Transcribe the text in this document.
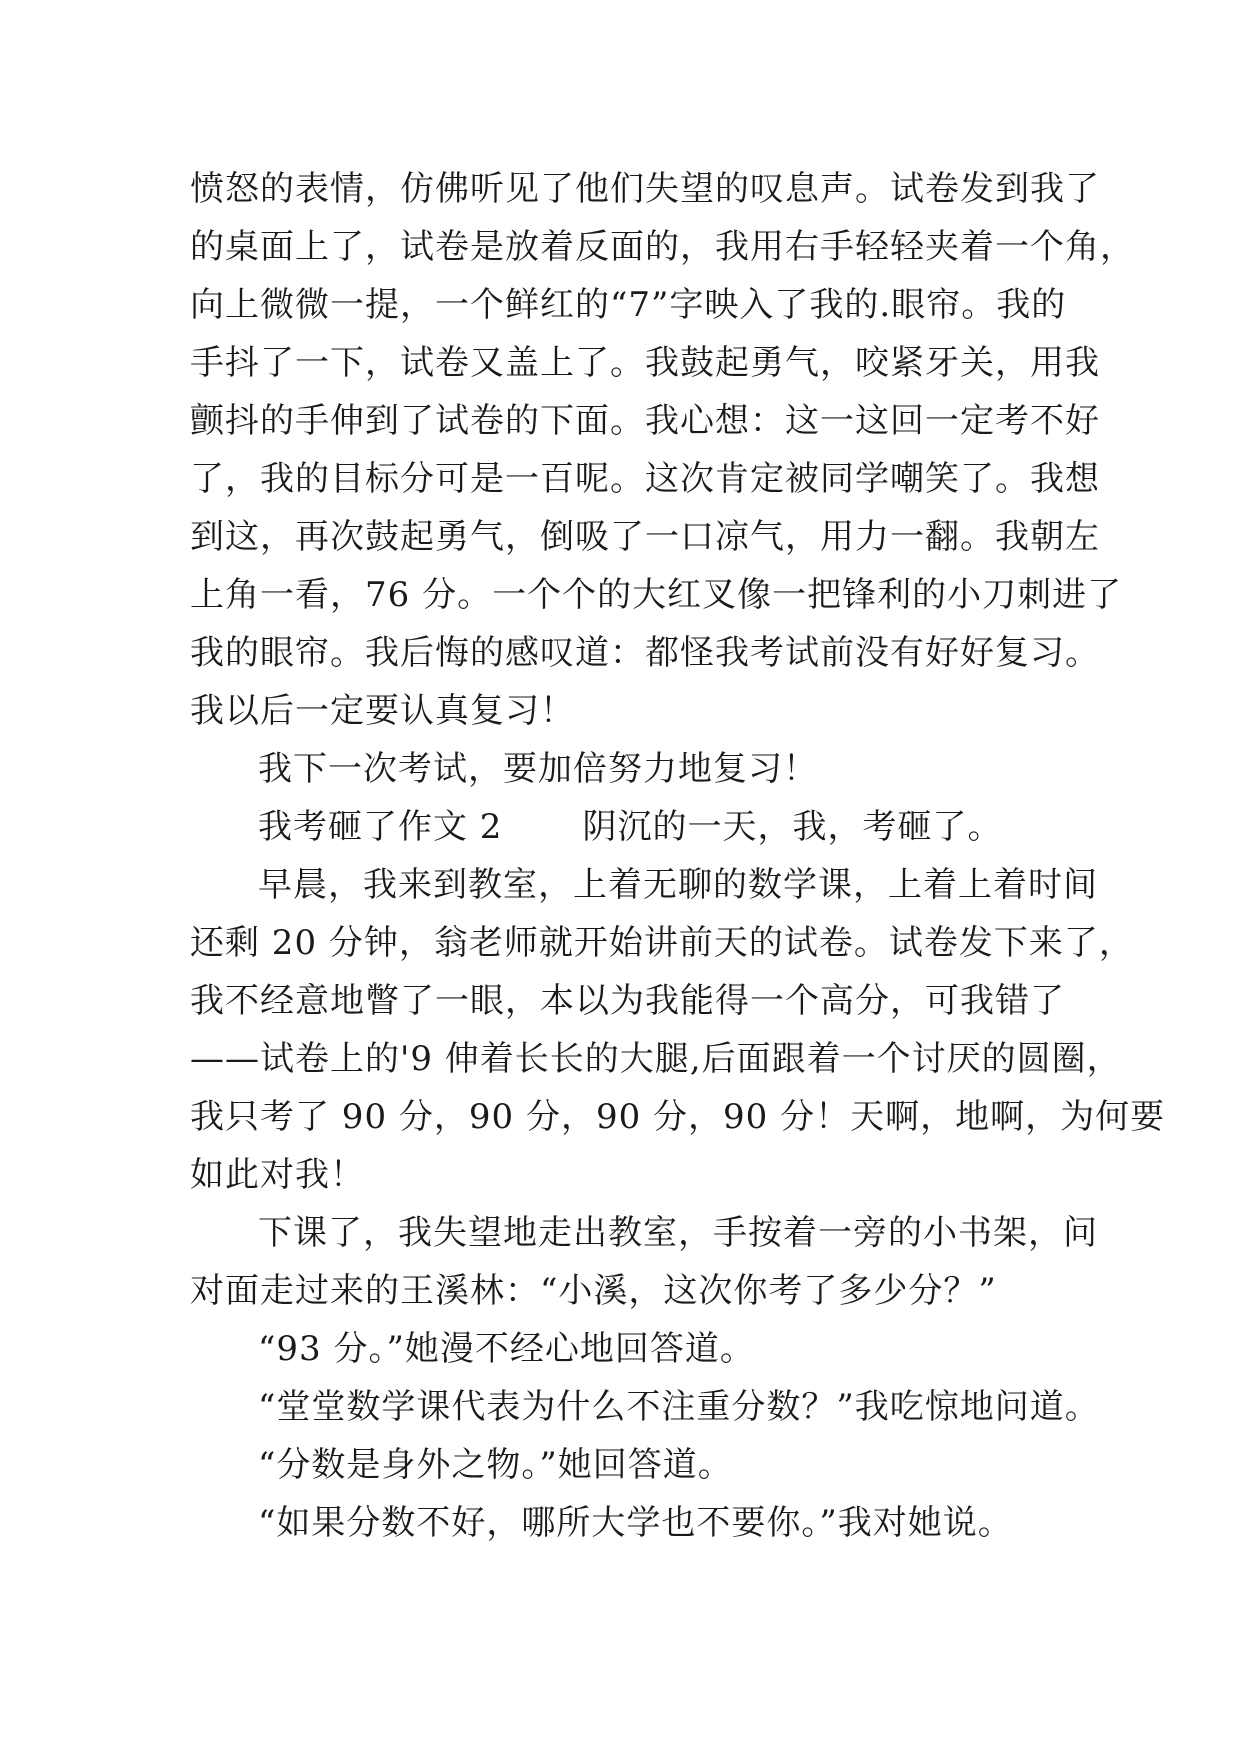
愤怒的表情，仿佛听见了他们失望的叹息声。试卷发到我了

的桌面上了，试卷是放着反面的，我用右手轻轻夹着一个角，

向上微微一提，一个鲜红的“7”字映入了我的.眼帘。我的

手抖了一下，试卷又盖上了。我鼓起勇气，咬紧牙关，用我

颤抖的手伸到了试卷的下面。我心想：这一这回一定考不好

了，我的目标分可是一百呢。这次肯定被同学嘲笑了。我想

到这，再次鼓起勇气，倒吸了一口凉气，用力一翻。我朝左

上角一看，76 分。一个个的大红叉像一把锋利的小刀刺进了

我的眼帘。我后悔的感叹道：都怪我考试前没有好好复习。

我以后一定要认真复习！

我下一次考试，要加倍努力地复习！

我考砸了作文 2 阴沉的一天，我，考砸了。

早晨，我来到教室，上着无聊的数学课，上着上着时间

还剩 20 分钟，翁老师就开始讲前天的试卷。试卷发下来了，

我不经意地瞥了一眼，本以为我能得一个高分，可我错了

——试卷上的'9 伸着长长的大腿,后面跟着一个讨厌的圆圈，

我只考了 90 分，90 分，90 分，90 分！天啊，地啊，为何要

如此对我！

下课了，我失望地走出教室，手按着一旁的小书架，问

对面走过来的王溪林：“小溪，这次你考了多少分？”

“93 分。”她漫不经心地回答道。

“堂堂数学课代表为什么不注重分数？”我吃惊地问道。

“分数是身外之物。”她回答道。

“如果分数不好，哪所大学也不要你。”我对她说。
